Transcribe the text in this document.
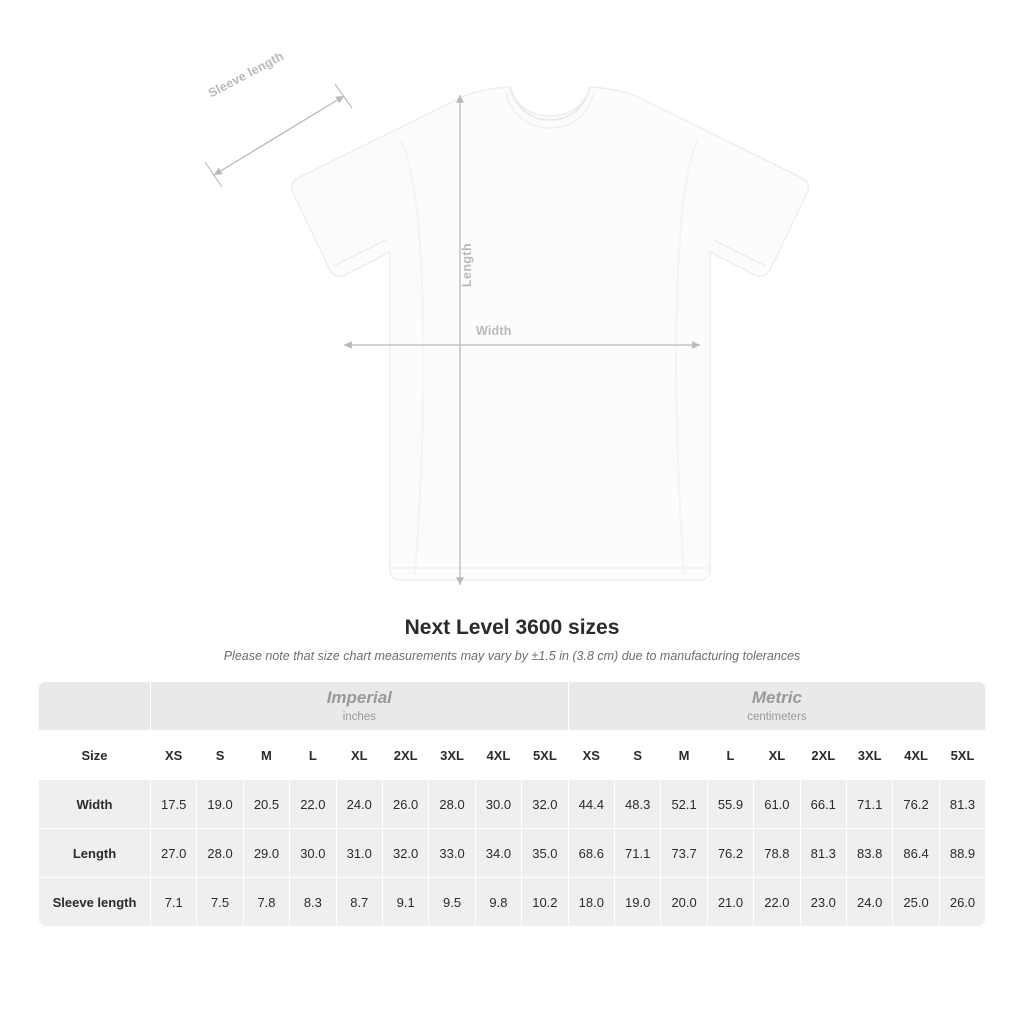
Width
Length
Sleeve length
Next Level 3600 sizes

Please note that size chart measurements may vary by ±1.5 in (3.8 cm) due to manufacturing tolerances

Imperial
inches

Metric
centimeters

Size	XS	S	M	L	XL	2XL	3XL	4XL	5XL	XS	S	M	L	XL	2XL	3XL	4XL	5XL
Width	17.5	19.0	20.5	22.0	24.0	26.0	28.0	30.0	32.0	44.4	48.3	52.1	55.9	61.0	66.1	71.1	76.2	81.3
Length	27.0	28.0	29.0	30.0	31.0	32.0	33.0	34.0	35.0	68.6	71.1	73.7	76.2	78.8	81.3	83.8	86.4	88.9
Sleeve length	7.1	7.5	7.8	8.3	8.7	9.1	9.5	9.8	10.2	18.0	19.0	20.0	21.0	22.0	23.0	24.0	25.0	26.0
